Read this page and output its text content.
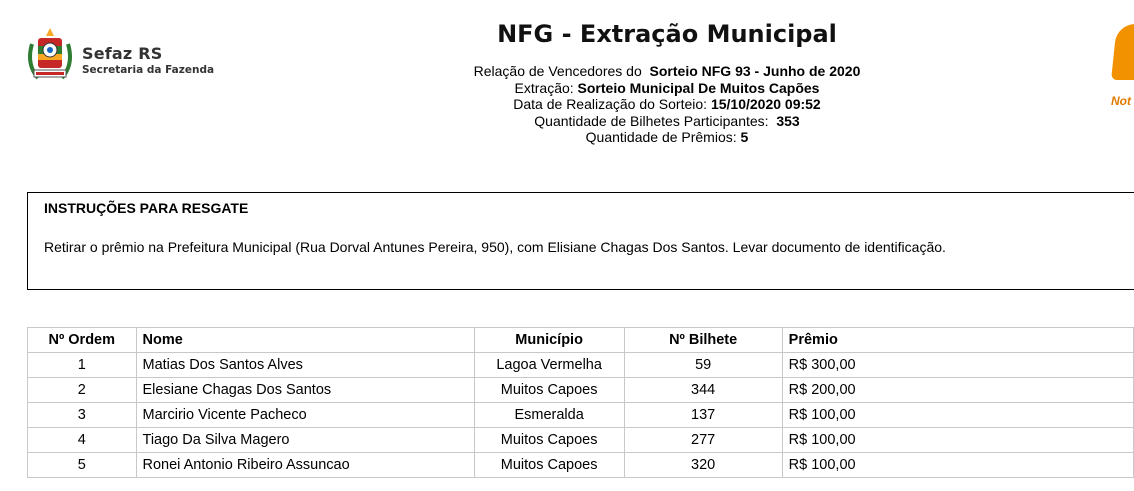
Sefaz RS
Secretaria da Fazenda
NFG - Extração Municipal
Relação de Vencedores do Sorteio NFG 93 - Junho de 2020
Extração: Sorteio Municipal De Muitos Capões
Data de Realização do Sorteio: 15/10/2020 09:52
Quantidade de Bilhetes Participantes: 353
Quantidade de Prêmios: 5
Not
INSTRUÇÕES PARA RESGATE
Retirar o prêmio na Prefeitura Municipal (Rua Dorval Antunes Pereira, 950), com Elisiane Chagas Dos Santos. Levar documento de identificação.
Nº Ordem	Nome	Município	Nº Bilhete	Prêmio
1	Matias Dos Santos Alves	Lagoa Vermelha	59	R$ 300,00
2	Elesiane Chagas Dos Santos	Muitos Capoes	344	R$ 200,00
3	Marcirio Vicente Pacheco	Esmeralda	137	R$ 100,00
4	Tiago Da Silva Magero	Muitos Capoes	277	R$ 100,00
5	Ronei Antonio Ribeiro Assuncao	Muitos Capoes	320	R$ 100,00
